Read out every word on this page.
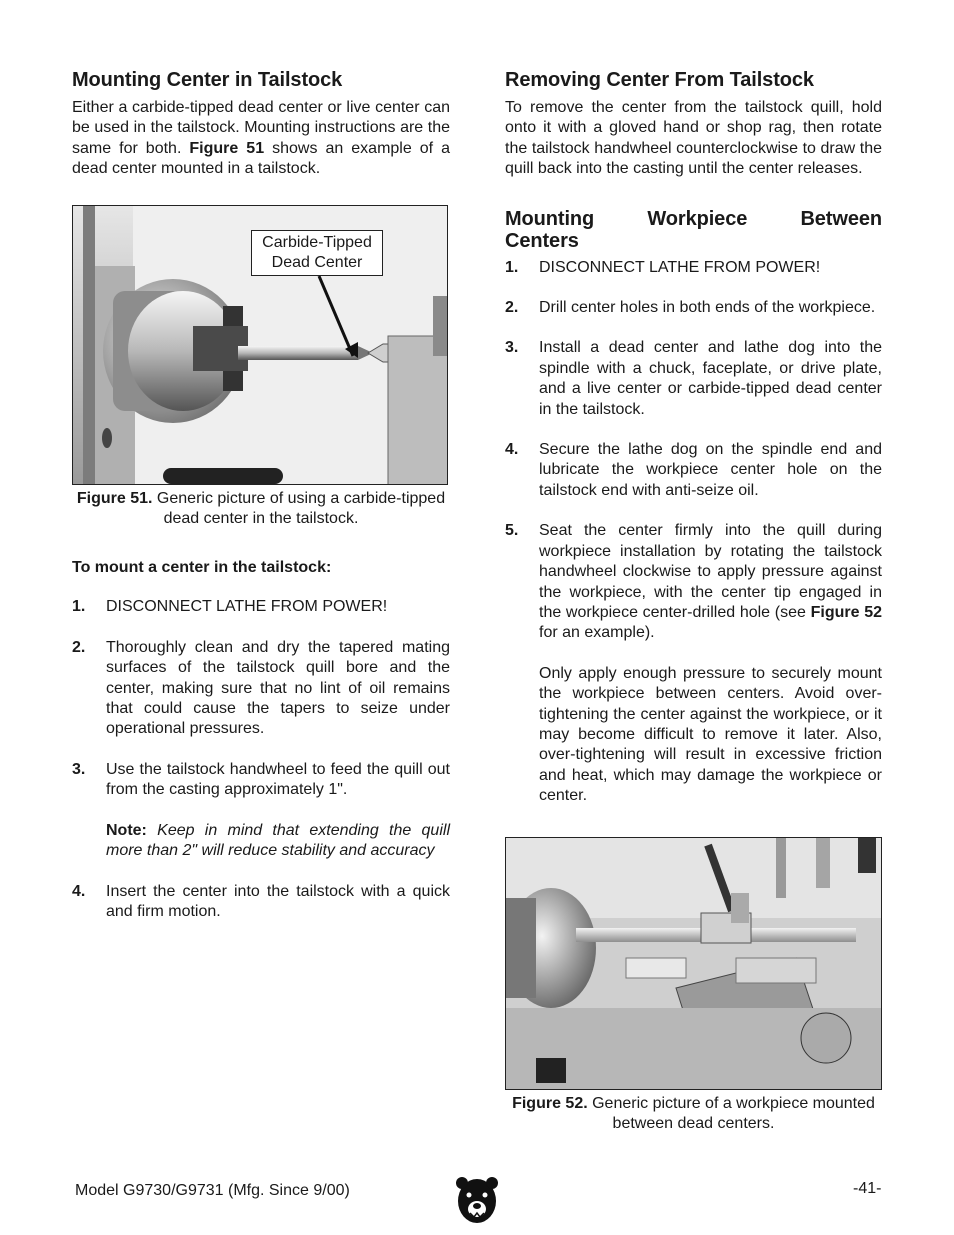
Mounting Center in Tailstock

Either a carbide-tipped dead center or live center can be used in the tailstock. Mounting instructions are the same for both. Figure 51 shows an example of a dead center mounted in a tailstock.

Carbide-Tipped
Dead Center
Figure 51. Generic picture of using a carbide-tipped dead center in the tailstock.
To mount a center in the tailstock:
1.	DISCONNECT LATHE FROM POWER!
2.	Thoroughly clean and dry the tapered mating surfaces of the tailstock quill bore and the center, making sure that no lint of oil remains that could cause the tapers to seize under operational pressures.
3.	Use the tailstock handwheel to feed the quill out from the casting approximately 1".
Note: Keep in mind that extending the quill more than 2" will reduce stability and accuracy
4.	Insert the center into the tailstock with a quick and firm motion.
Removing Center From Tailstock

To remove the center from the tailstock quill, hold onto it with a gloved hand or shop rag, then rotate the tailstock handwheel counterclockwise to draw the quill back into the casting until the center releases.

Mounting Workpiece Between
Centers
1.	DISCONNECT LATHE FROM POWER!
2.	Drill center holes in both ends of the workpiece.
3.	Install a dead center and lathe dog into the spindle with a chuck, faceplate, or drive plate, and a live center or carbide-tipped dead center in the tailstock.
4.	Secure the lathe dog on the spindle end and lubricate the workpiece center hole on the tailstock end with anti-seize oil.
5.	Seat the center firmly into the quill during workpiece installation by rotating the tailstock handwheel clockwise to apply pressure against the workpiece, with the center tip engaged in the workpiece center-drilled hole (see Figure 52 for an example).
Only apply enough pressure to securely mount the workpiece between centers. Avoid over-tightening the center against the workpiece, or it may become difficult to remove it later. Also, over-tightening will result in excessive friction and heat, which may damage the workpiece or center.
Figure 52. Generic picture of a workpiece mounted between dead centers.
Model G9730/G9731 (Mfg. Since 9/00)	-41-
